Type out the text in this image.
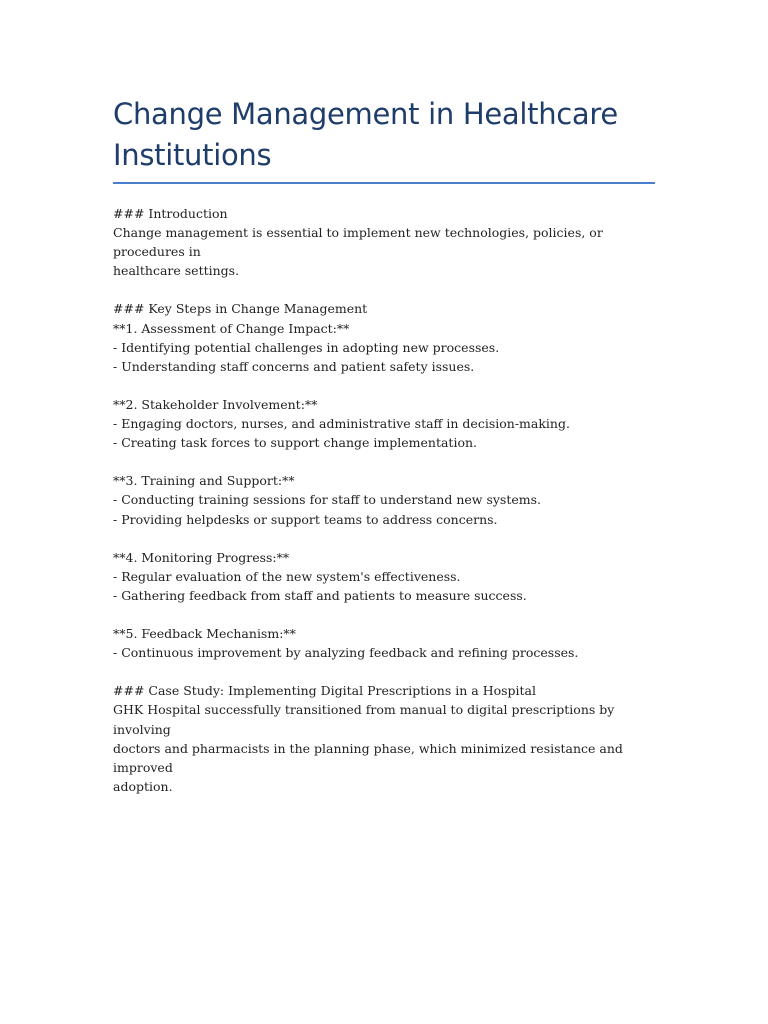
Change Management in Healthcare Institutions
### Introduction
Change management is essential to implement new technologies, policies, or procedures in
healthcare settings.
### Key Steps in Change Management
**1. Assessment of Change Impact:**
- Identifying potential challenges in adopting new processes.
- Understanding staff concerns and patient safety issues.
**2. Stakeholder Involvement:**
- Engaging doctors, nurses, and administrative staff in decision-making.
- Creating task forces to support change implementation.
**3. Training and Support:**
- Conducting training sessions for staff to understand new systems.
- Providing helpdesks or support teams to address concerns.
**4. Monitoring Progress:**
- Regular evaluation of the new system's effectiveness.
- Gathering feedback from staff and patients to measure success.
**5. Feedback Mechanism:**
- Continuous improvement by analyzing feedback and refining processes.
### Case Study: Implementing Digital Prescriptions in a Hospital
GHK Hospital successfully transitioned from manual to digital prescriptions by involving
doctors and pharmacists in the planning phase, which minimized resistance and improved
adoption.
